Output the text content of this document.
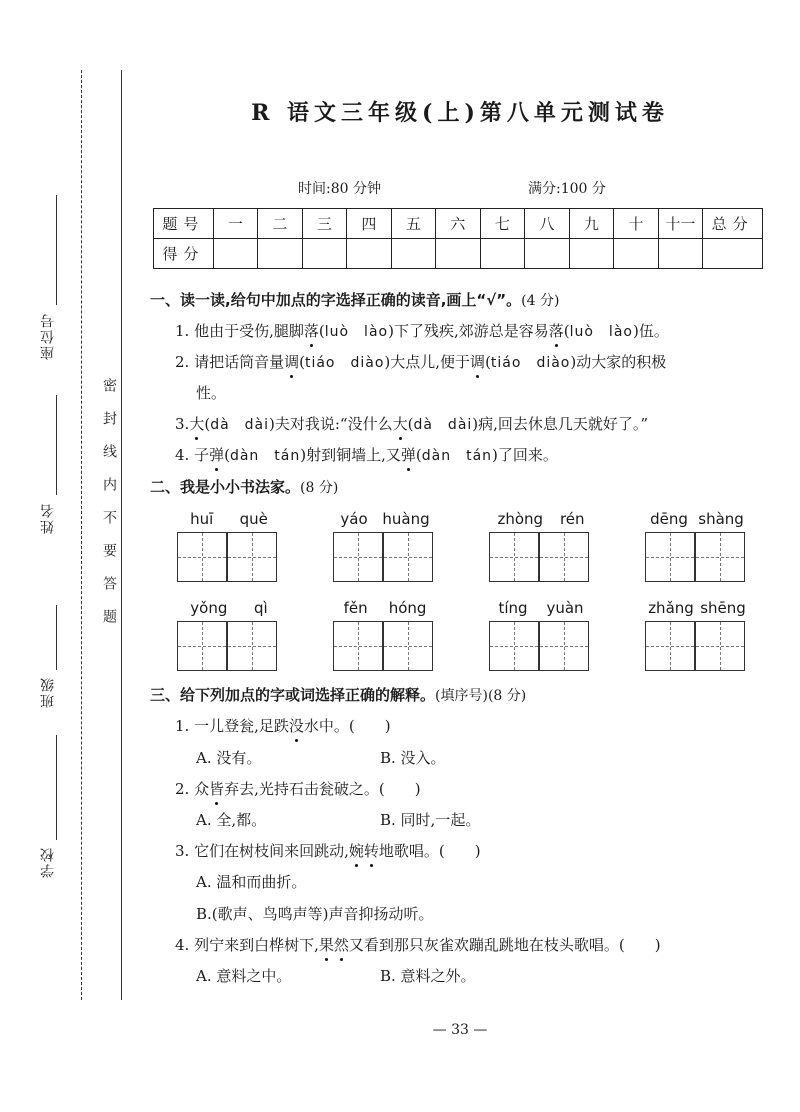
座位号
姓名
班级
学校
密封线内不要答题
R 语文三年级(上)第八单元测试卷
时间:80 分钟	满分:100 分
题号	一	二	三	四	五	六	七	八	九	十	十一	总分
得分												
一、读一读,给句中加点的字选择正确的读音,画上“√”。(4 分)
1. 他由于受伤,腿脚落(luò　lào)下了残疾,郊游总是容易落(luò　lào)伍。
2. 请把话筒音量调(tiáo　diào)大点儿,便于调(tiáo　diào)动大家的积极
性。
3.大(dà　dài)夫对我说:“没什么大(dà　dài)病,回去休息几天就好了。”
4. 子弹(dàn　tán)射到铜墙上,又弹(dàn　tán)了回来。
二、我是小小书法家。(8 分)
huī què	yáo huàng	zhòng rén	dēng shàng
yǒng qì	fěn hóng	tíng yuàn	zhǎng shēng
三、给下列加点的字或词选择正确的解释。(填序号)(8 分)
1. 一儿登瓮,足跌没水中。(　　)
A. 没有。	B. 没入。
2. 众皆弃去,光持石击瓮破之。(　　)
A. 全,都。	B. 同时,一起。
3. 它们在树枝间来回跳动,婉转地歌唱。(　　)
A. 温和而曲折。
B.(歌声、鸟鸣声等)声音抑扬动听。
4. 列宁来到白桦树下,果然又看到那只灰雀欢蹦乱跳地在枝头歌唱。(　　)
A. 意料之中。	B. 意料之外。
— 33 —
